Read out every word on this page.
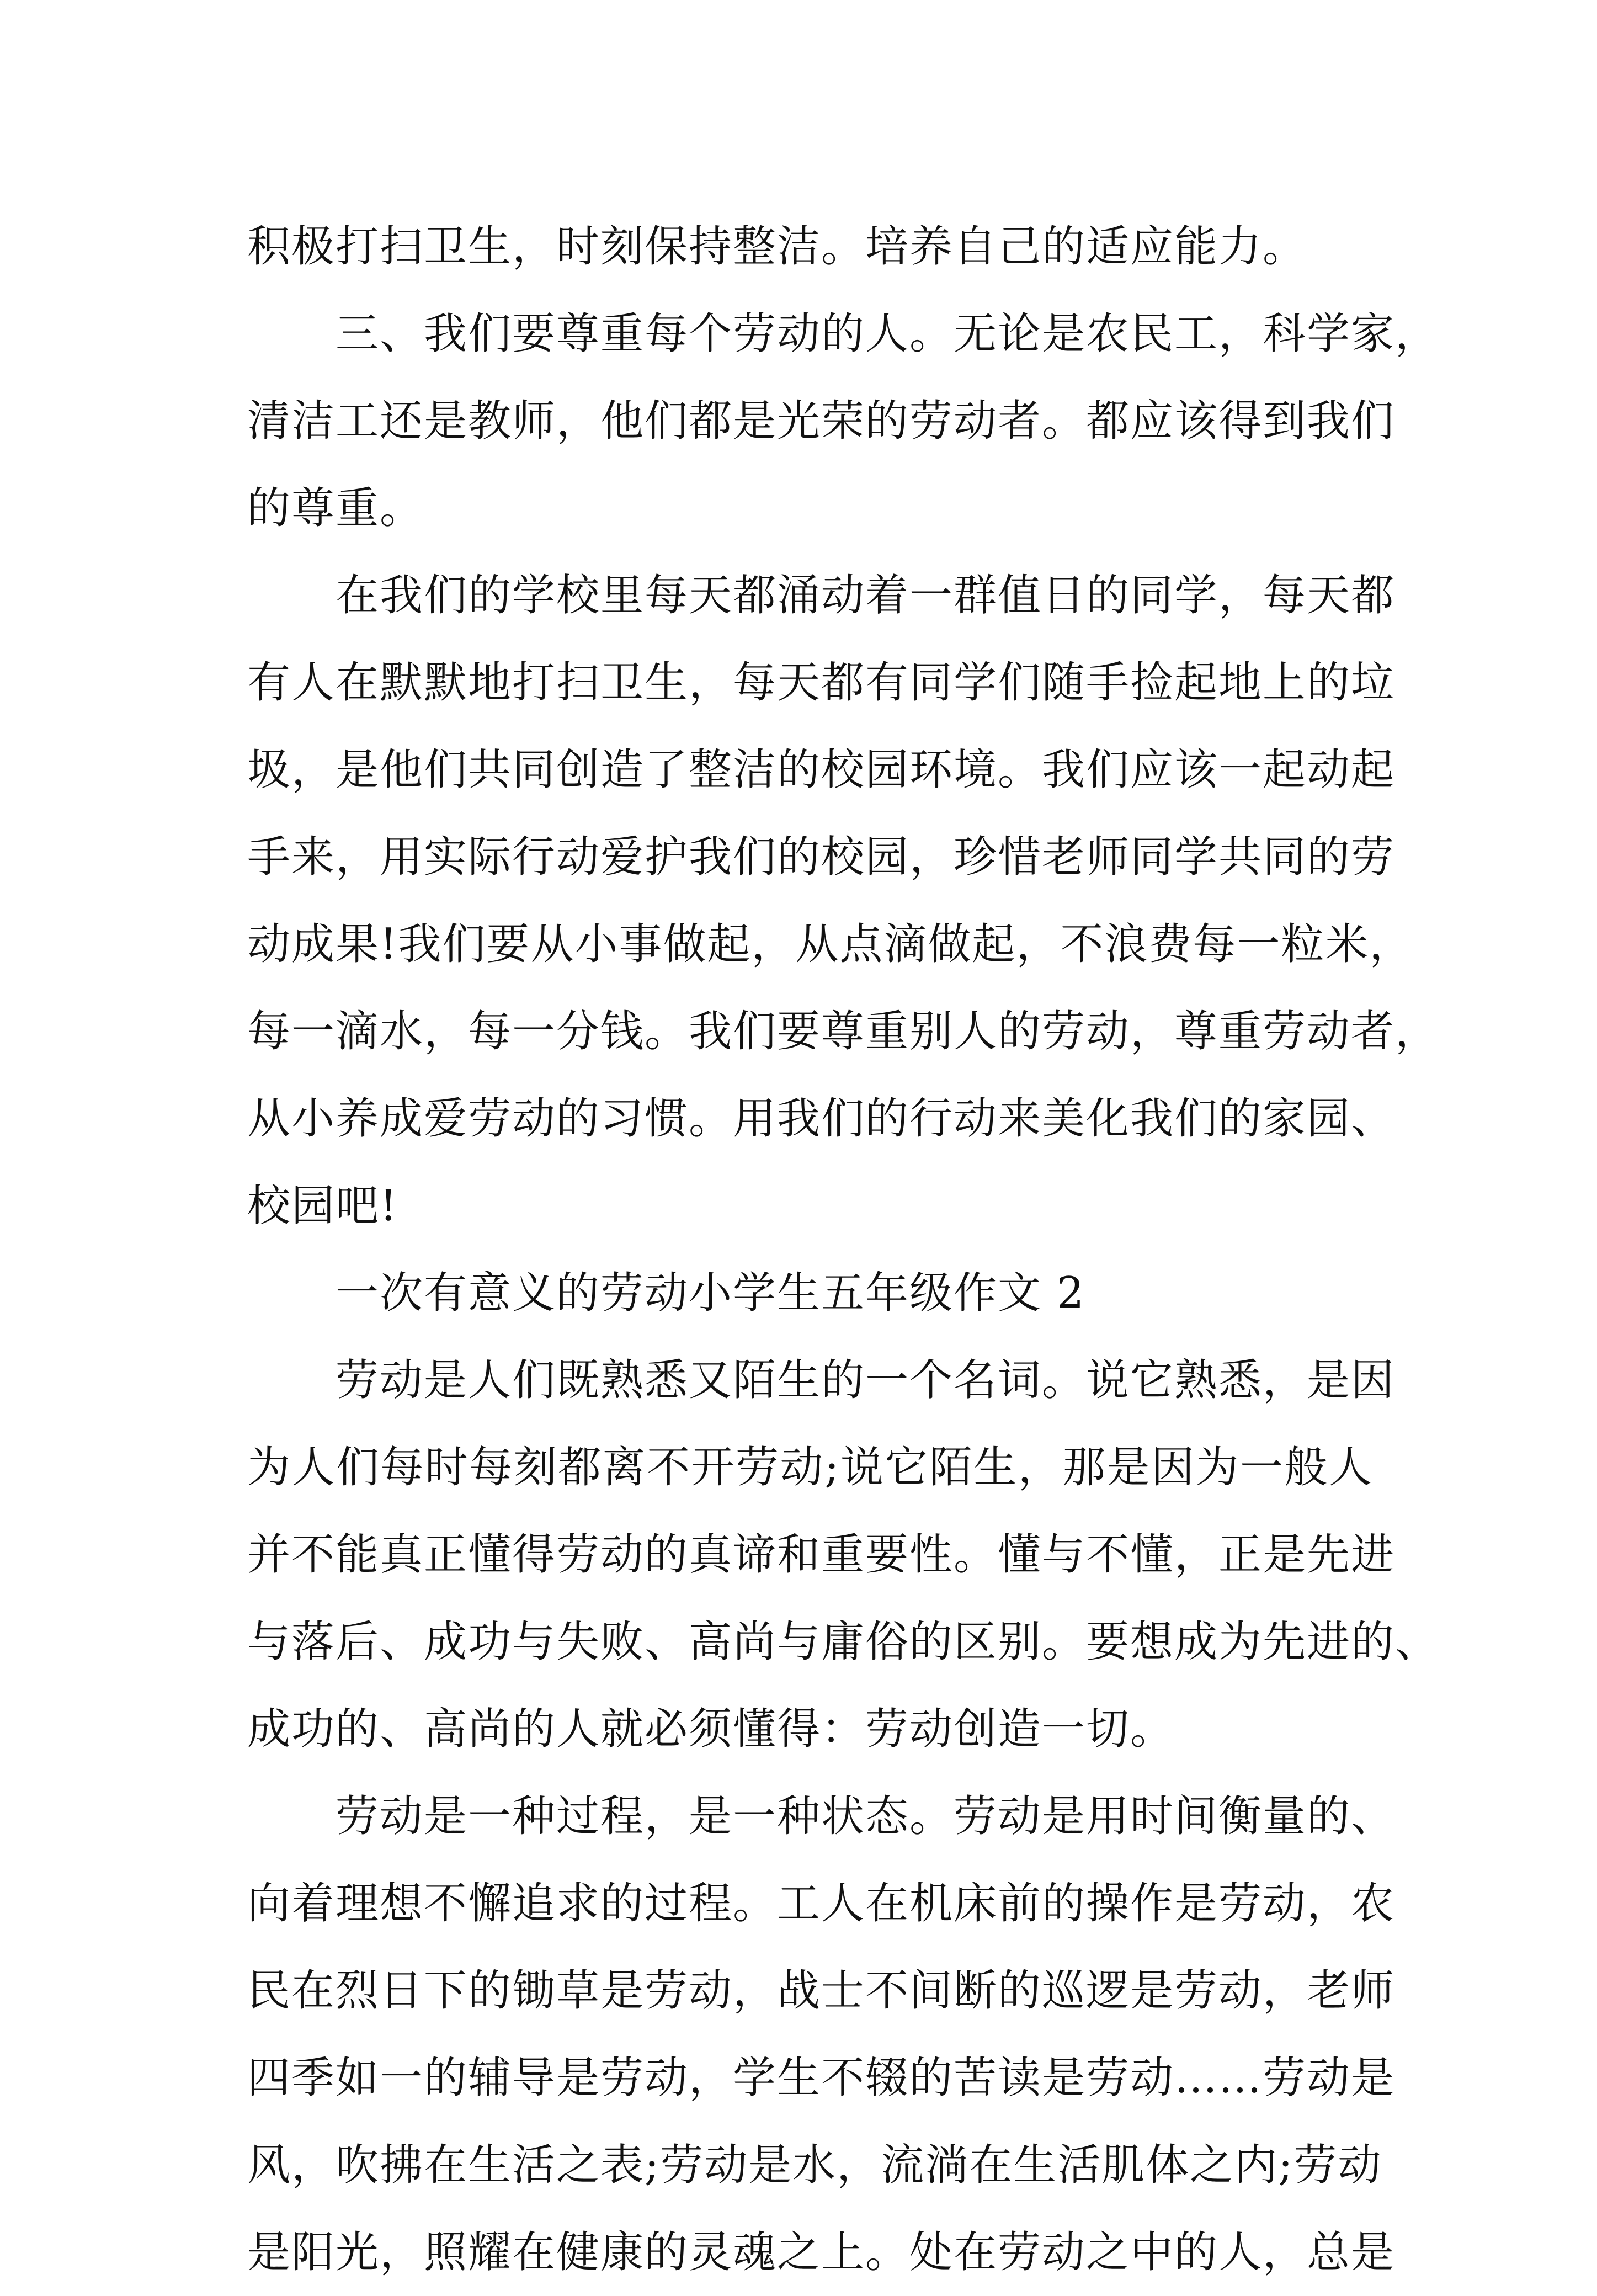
积极打扫卫生，时刻保持整洁。培养自己的适应能力。
三、我们要尊重每个劳动的人。无论是农民工，科学家，
清洁工还是教师，他们都是光荣的劳动者。都应该得到我们
的尊重。
在我们的学校里每天都涌动着一群值日的同学，每天都
有人在默默地打扫卫生，每天都有同学们随手捡起地上的垃
圾，是他们共同创造了整洁的校园环境。我们应该一起动起
手来，用实际行动爱护我们的校园，珍惜老师同学共同的劳
动成果!我们要从小事做起，从点滴做起，不浪费每一粒米，
每一滴水，每一分钱。我们要尊重别人的劳动，尊重劳动者，
从小养成爱劳动的习惯。用我们的行动来美化我们的家园、
校园吧!
一次有意义的劳动小学生五年级作文 2
劳动是人们既熟悉又陌生的一个名词。说它熟悉，是因
为人们每时每刻都离不开劳动;说它陌生，那是因为一般人
并不能真正懂得劳动的真谛和重要性。懂与不懂，正是先进
与落后、成功与失败、高尚与庸俗的区别。要想成为先进的、
成功的、高尚的人就必须懂得：劳动创造一切。
劳动是一种过程，是一种状态。劳动是用时间衡量的、
向着理想不懈追求的过程。工人在机床前的操作是劳动，农
民在烈日下的锄草是劳动，战士不间断的巡逻是劳动，老师
四季如一的辅导是劳动，学生不辍的苦读是劳动……劳动是
风，吹拂在生活之表;劳动是水，流淌在生活肌体之内;劳动
是阳光，照耀在健康的灵魂之上。处在劳动之中的人，总是
